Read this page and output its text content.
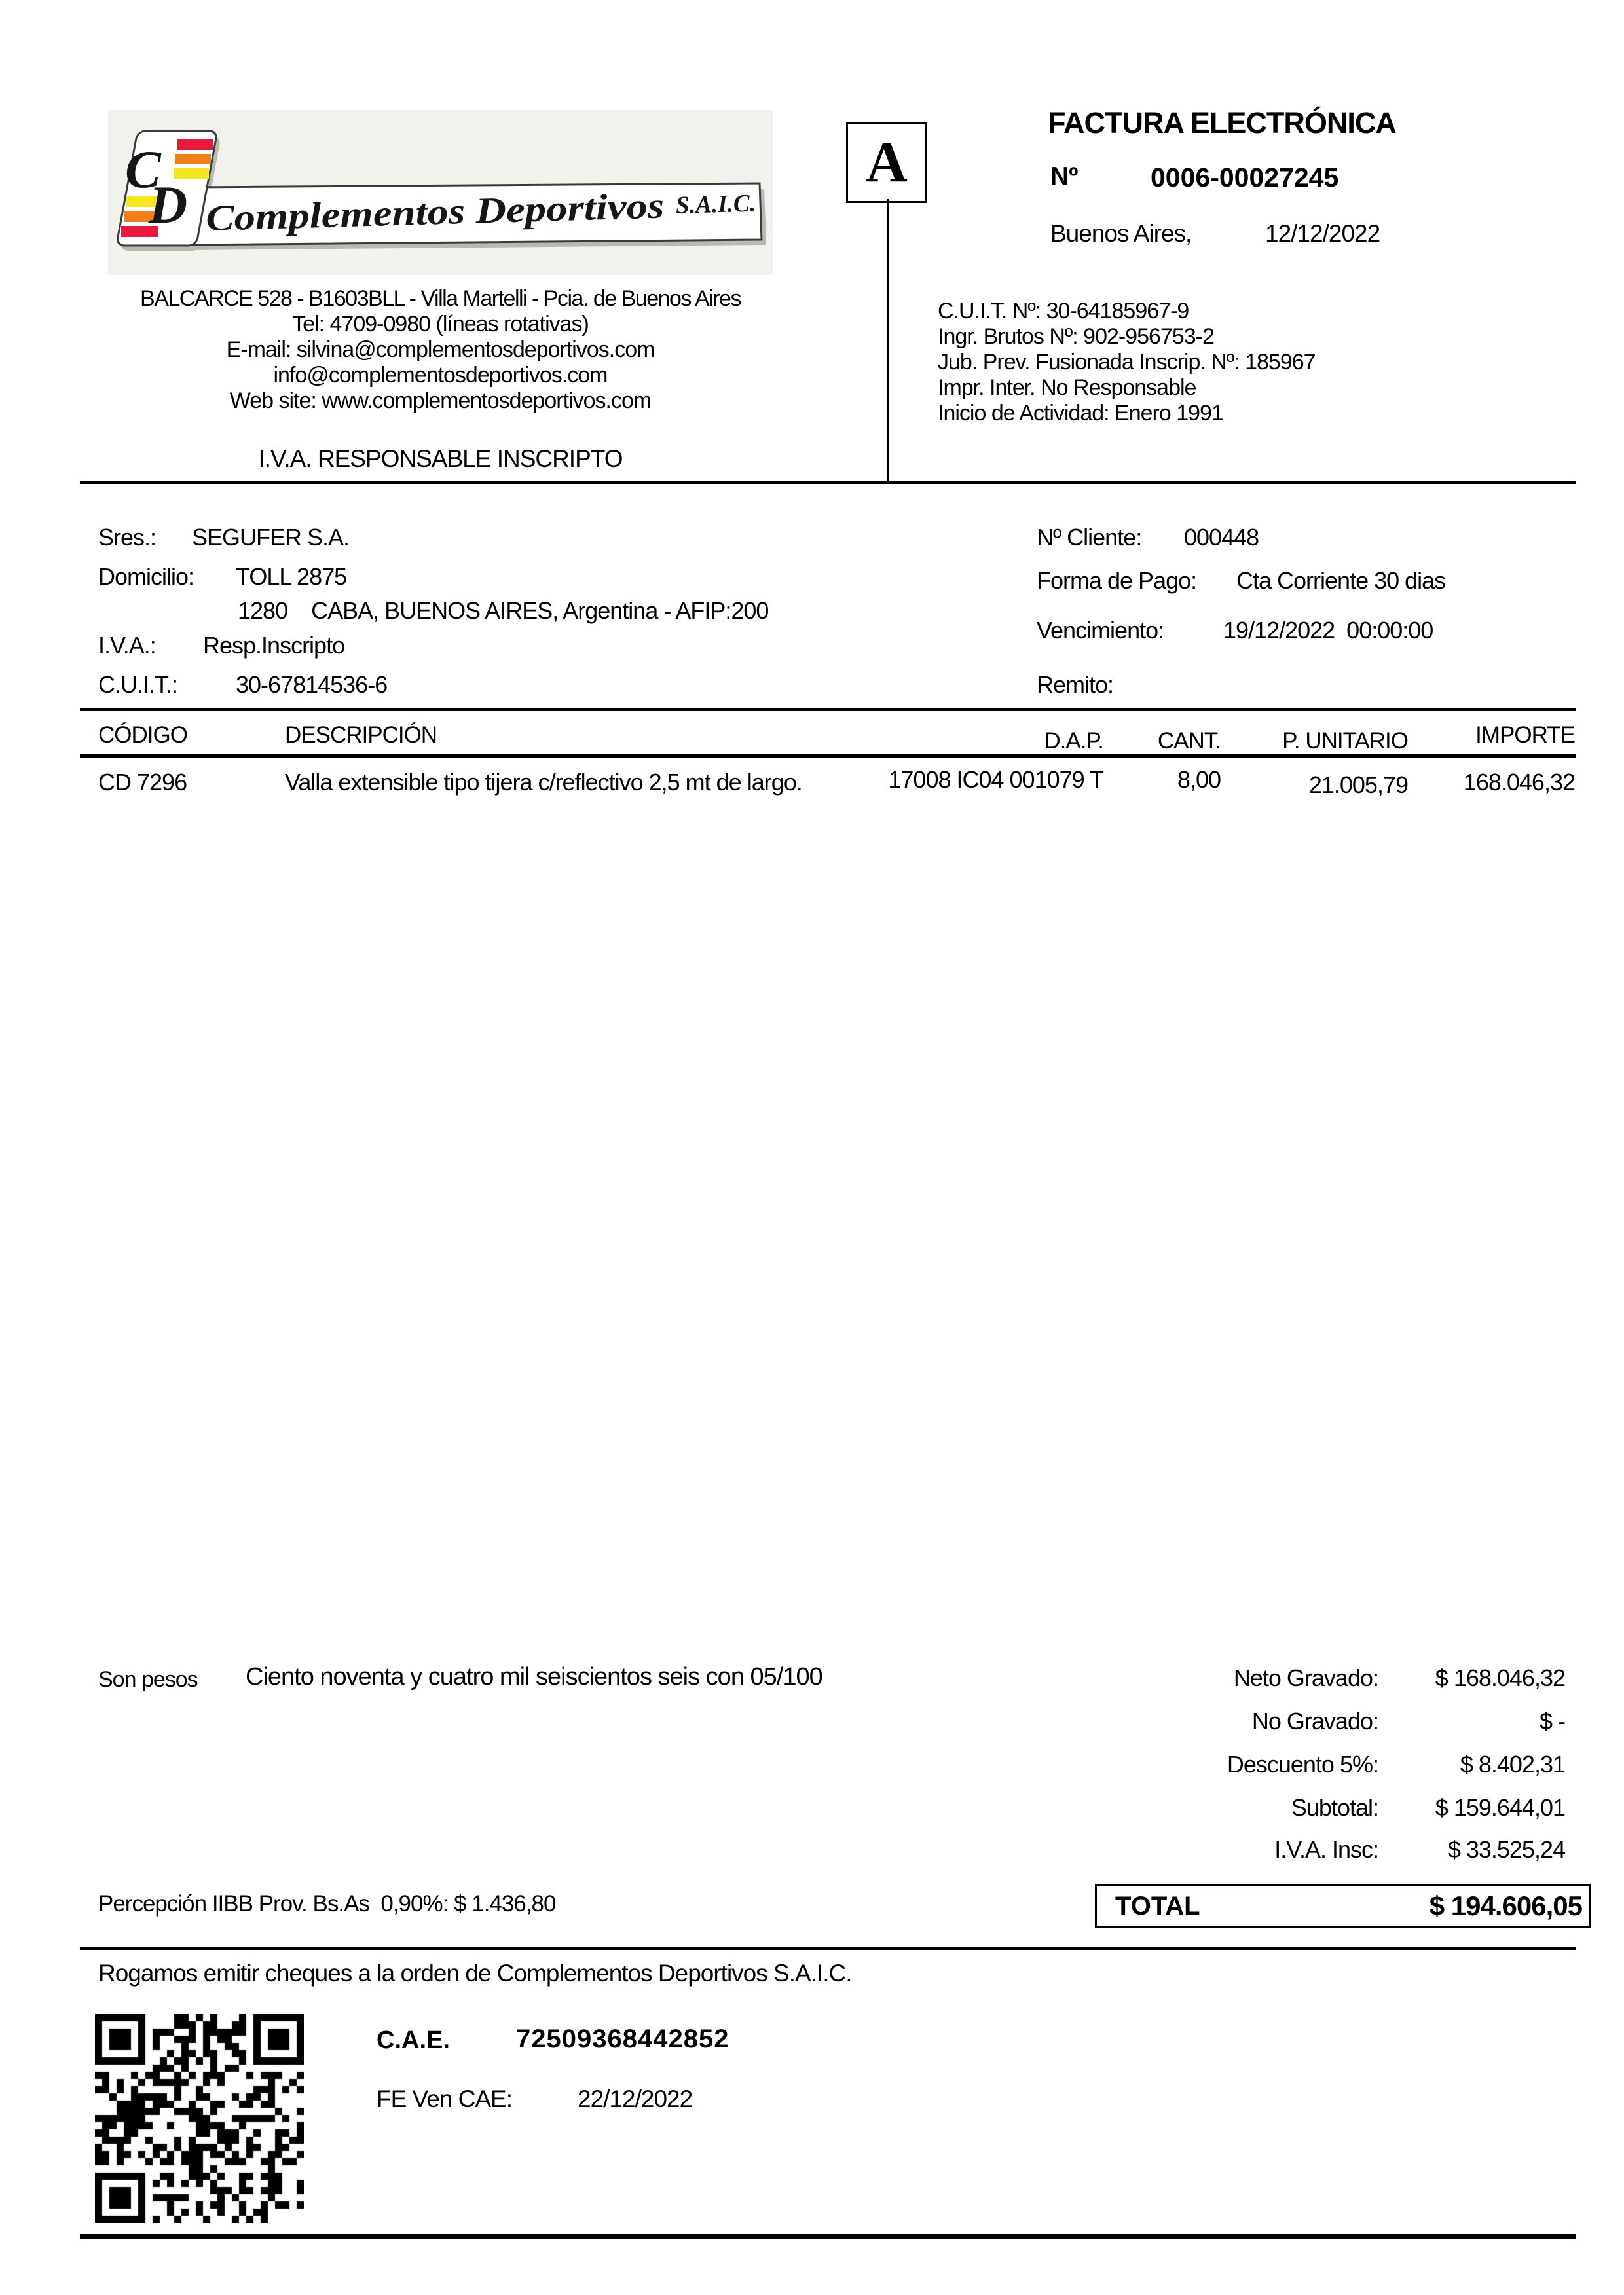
C
D Complementos Deportivos	S.A.I.C.
BALCARCE 528 - B1603BLL - Villa Martelli - Pcia. de Buenos Aires
Tel: 4709-0980 (líneas rotativas)
E-mail: silvina@complementosdeportivos.com
info@complementosdeportivos.com
Web site: www.complementosdeportivos.com
I.V.A. RESPONSABLE INSCRIPTO
A
FACTURA ELECTRÓNICA
Nº	0006-00027245
Buenos Aires,	12/12/2022
C.U.I.T. Nº: 30-64185967-9
Ingr. Brutos Nº: 902-956753-2
Jub. Prev. Fusionada Inscrip. Nº: 185967
Impr. Inter. No Responsable
Inicio de Actividad: Enero 1991
Sres.: SEGUFER S.A.
Domicilio: TOLL 2875
1280    CABA, BUENOS AIRES, Argentina - AFIP:200
I.V.A.: Resp.Inscripto
C.U.I.T.: 30-67814536-6
Nº Cliente: 000448
Forma de Pago: Cta Corriente 30 dias
Vencimiento:	19/12/2022  00:00:00
Remito:
CÓDIGO	DESCRIPCIÓN	D.A.P.	CANT.	P. UNITARIO	IMPORTE
CD 7296	Valla extensible tipo tijera c/reflectivo 2,5 mt de largo.	17008 IC04 001079 T	8,00	21.005,79	168.046,32
Son pesos Ciento noventa y cuatro mil seiscientos seis con 05/100	Neto Gravado:	$ 168.046,32
No Gravado:	$ -
Descuento 5%:	$ 8.402,31
Subtotal:	$ 159.644,01
I.V.A. Insc:	$ 33.525,24
TOTAL	$ 194.606,05
Percepción IIBB Prov. Bs.As  0,90%: $ 1.436,80
Rogamos emitir cheques a la orden de Complementos Deportivos S.A.I.C.
C.A.E.	72509368442852
FE Ven CAE:	22/12/2022
